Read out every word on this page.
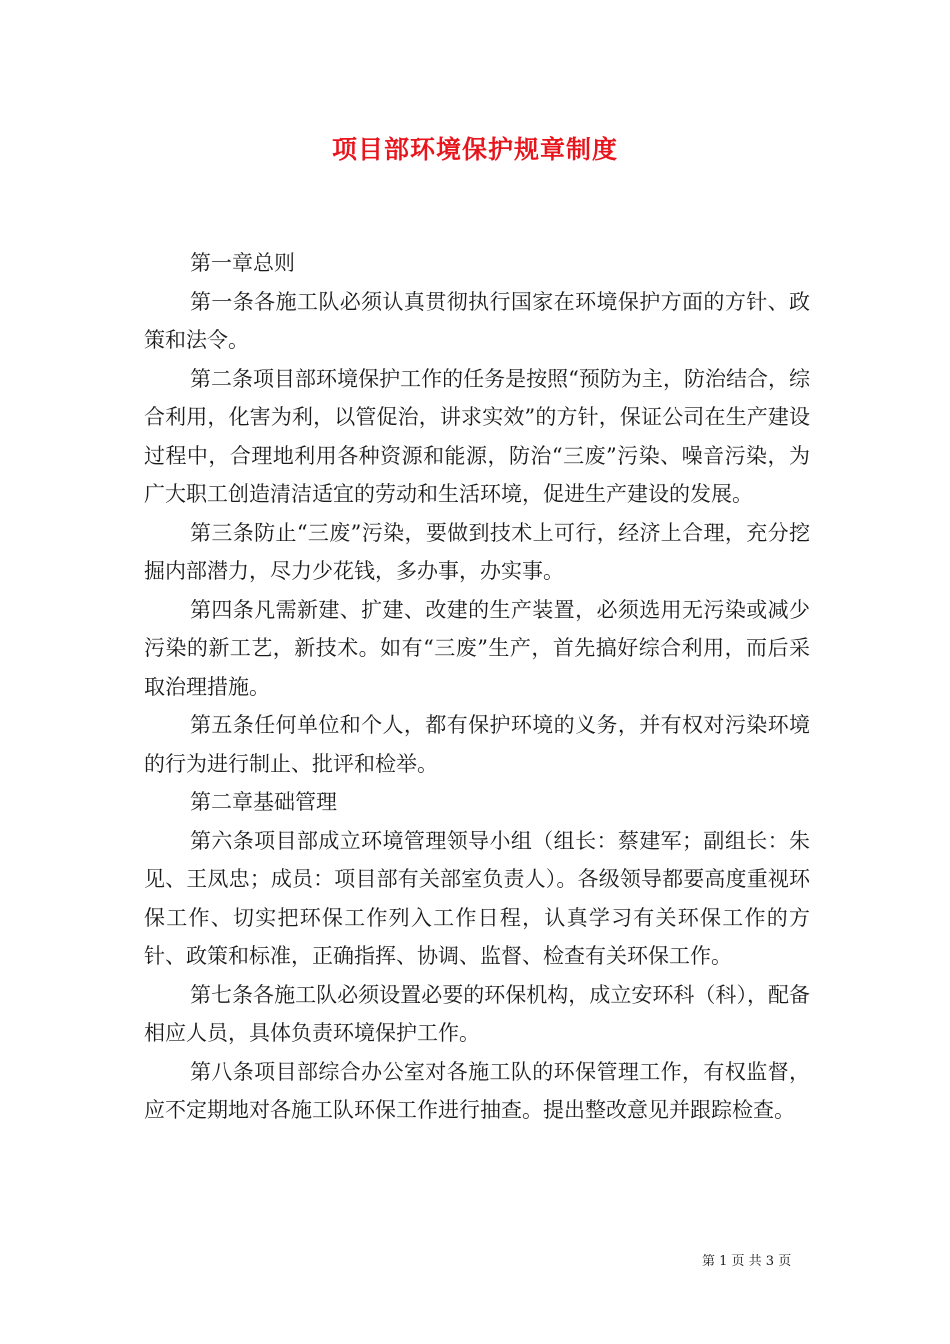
项目部环境保护规章制度

第一章总则

第一条各施工队必须认真贯彻执行国家在环境保护方面的方针、政策和法令。

第二条项目部环境保护工作的任务是按照“预防为主，防治结合，综合利用，化害为利，以管促治，讲求实效”的方针，保证公司在生产建设过程中，合理地利用各种资源和能源，防治“三废”污染、噪音污染，为广大职工创造清洁适宜的劳动和生活环境，促进生产建设的发展。

第三条防止“三废”污染，要做到技术上可行，经济上合理，充分挖掘内部潜力，尽力少花钱，多办事，办实事。

第四条凡需新建、扩建、改建的生产装置，必须选用无污染或减少污染的新工艺，新技术。如有“三废”生产，首先搞好综合利用，而后采取治理措施。

第五条任何单位和个人，都有保护环境的义务，并有权对污染环境的行为进行制止、批评和检举。

第二章基础管理

第六条项目部成立环境管理领导小组（组长：蔡建军；副组长：朱见、王凤忠；成员：项目部有关部室负责人）。各级领导都要高度重视环保工作、切实把环保工作列入工作日程，认真学习有关环保工作的方针、政策和标准，正确指挥、协调、监督、检查有关环保工作。

第七条各施工队必须设置必要的环保机构，成立安环科（科），配备相应人员，具体负责环境保护工作。

第八条项目部综合办公室对各施工队的环保管理工作，有权监督，应不定期地对各施工队环保工作进行抽查。提出整改意见并跟踪检查。

第 1 页 共 3 页
